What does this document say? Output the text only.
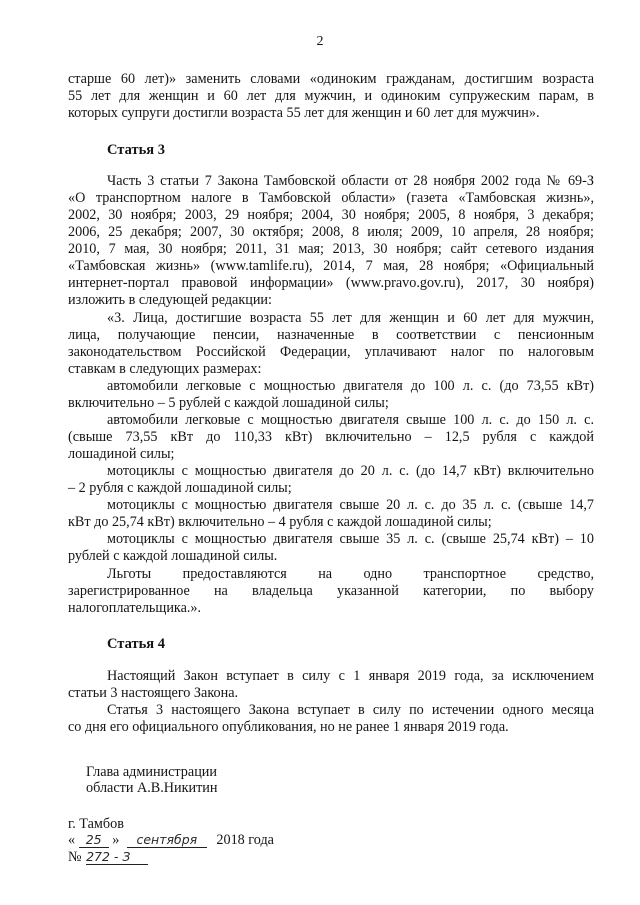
2
старше 60 лет)» заменить словами «одиноким гражданам, достигшим возраста
55 лет для женщин и 60 лет для мужчин, и одиноким супружеским парам, в
которых супруги достигли возраста 55 лет для женщин и 60 лет для мужчин».
Статья 3
Часть 3 статьи 7 Закона Тамбовской области от 28 ноября 2002 года № 69-З
«О транспортном налоге в Тамбовской области» (газета «Тамбовская жизнь»,
2002, 30 ноября; 2003, 29 ноября; 2004, 30 ноября; 2005, 8 ноября, 3 декабря;
2006, 25 декабря; 2007, 30 октября; 2008, 8 июля; 2009, 10 апреля, 28 ноября;
2010, 7 мая, 30 ноября; 2011, 31 мая; 2013, 30 ноября; сайт сетевого издания
«Тамбовская жизнь» (www.tamlife.ru), 2014, 7 мая, 28 ноября; «Официальный
интернет-портал правовой информации» (www.pravo.gov.ru), 2017, 30 ноября)
изложить в следующей редакции:
«3. Лица, достигшие возраста 55 лет для женщин и 60 лет для мужчин,
лица, получающие пенсии, назначенные в соответствии с пенсионным
законодательством Российской Федерации, уплачивают налог по налоговым
ставкам в следующих размерах:
автомобили легковые с мощностью двигателя до 100 л. с. (до 73,55 кВт)
включительно – 5 рублей с каждой лошадиной силы;
автомобили легковые с мощностью двигателя свыше 100 л. с. до 150 л. с.
(свыше 73,55 кВт до 110,33 кВт) включительно – 12,5 рубля с каждой
лошадиной силы;
мотоциклы с мощностью двигателя до 20 л. с. (до 14,7 кВт) включительно
– 2 рубля с каждой лошадиной силы;
мотоциклы с мощностью двигателя свыше 20 л. с. до 35 л. с. (свыше 14,7
кВт до 25,74 кВт) включительно – 4 рубля с каждой лошадиной силы;
мотоциклы с мощностью двигателя свыше 35 л. с. (свыше 25,74 кВт) – 10
рублей с каждой лошадиной силы.
Льготы предоставляются на одно транспортное средство,
зарегистрированное на владельца указанной категории, по выбору
налогоплательщика.».
Статья 4
Настоящий Закон вступает в силу с 1 января 2019 года, за исключением
статьи 3 настоящего Закона.
Статья 3 настоящего Закона вступает в силу по истечении одного месяца
со дня его официального опубликования, но не ранее 1 января 2019 года.
Глава администрации
области А.В.Никитин
г. Тамбов
« 25 » сентября 2018 года
№ 272 - З
